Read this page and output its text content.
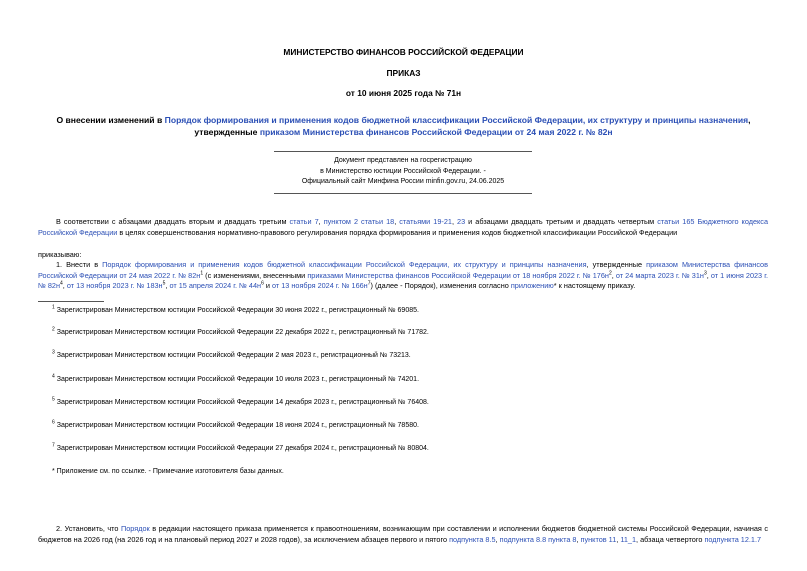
МИНИСТЕРСТВО ФИНАНСОВ РОССИЙСКОЙ ФЕДЕРАЦИИ
ПРИКАЗ
от 10 июня 2025 года № 71н
О внесении изменений в Порядок формирования и применения кодов бюджетной классификации Российской Федерации, их структуру и принципы назначения, утвержденные приказом Министерства финансов Российской Федерации от 24 мая 2022 г. № 82н
Документ представлен на госрегистрацию
в Министерство юстиции Российской Федерации. -
Официальный сайт Минфина России minfin.gov.ru, 24.06.2025
В соответствии с абзацами двадцать вторым и двадцать третьим статьи 7, пунктом 2 статьи 18, статьями 19-21, 23 и абзацами двадцать третьим и двадцать четвертым статьи 165 Бюджетного кодекса Российской Федерации в целях совершенствования нормативно-правового регулирования порядка формирования и применения кодов бюджетной классификации Российской Федерации
приказываю:
1. Внести в Порядок формирования и применения кодов бюджетной классификации Российской Федерации, их структуру и принципы назначения, утвержденные приказом Министерства финансов Российской Федерации от 24 мая 2022 г. № $82н^1$ (с изменениями, внесенными приказами Министерства финансов Российской Федерации от 18 ноября 2022 г. № $176н^2$, от 24 марта 2023 г. № $31н^3$, от 1 июня 2023 г. № $82н^4$, от 13 ноября 2023 г. № $183н^5$, от 15 апреля 2024 г. № $44н^6$ и от 13 ноября 2024 г. № $166н^7$) (далее - Порядок), изменения согласно приложению* к настоящему приказу.
$^1$ Зарегистрирован Министерством юстиции Российской Федерации 30 июня 2022 г., регистрационный № 69085.
$^2$ Зарегистрирован Министерством юстиции Российской Федерации 22 декабря 2022 г., регистрационный № 71782.
$^3$ Зарегистрирован Министерством юстиции Российской Федерации 2 мая 2023 г., регистрационный № 73213.
$^4$ Зарегистрирован Министерством юстиции Российской Федерации 10 июля 2023 г., регистрационный № 74201.
$^5$ Зарегистрирован Министерством юстиции Российской Федерации 14 декабря 2023 г., регистрационный № 76408.
$^6$ Зарегистрирован Министерством юстиции Российской Федерации 18 июня 2024 г., регистрационный № 78580.
$^7$ Зарегистрирован Министерством юстиции Российской Федерации 27 декабря 2024 г., регистрационный № 80804.
* Приложение см. по ссылке. - Примечание изготовителя базы данных.
2. Установить, что Порядок в редакции настоящего приказа применяется к правоотношениям, возникающим при составлении и исполнении бюджетов бюджетной системы Российской Федерации, начиная с бюджетов на 2026 год (на 2026 год и на плановый период 2027 и 2028 годов), за исключением абзацев первого и пятого подпункта 8.5, подпункта 8.8 пункта 8, пунктов 11, 11_1, абзаца четвертого подпункта 12.1.7
